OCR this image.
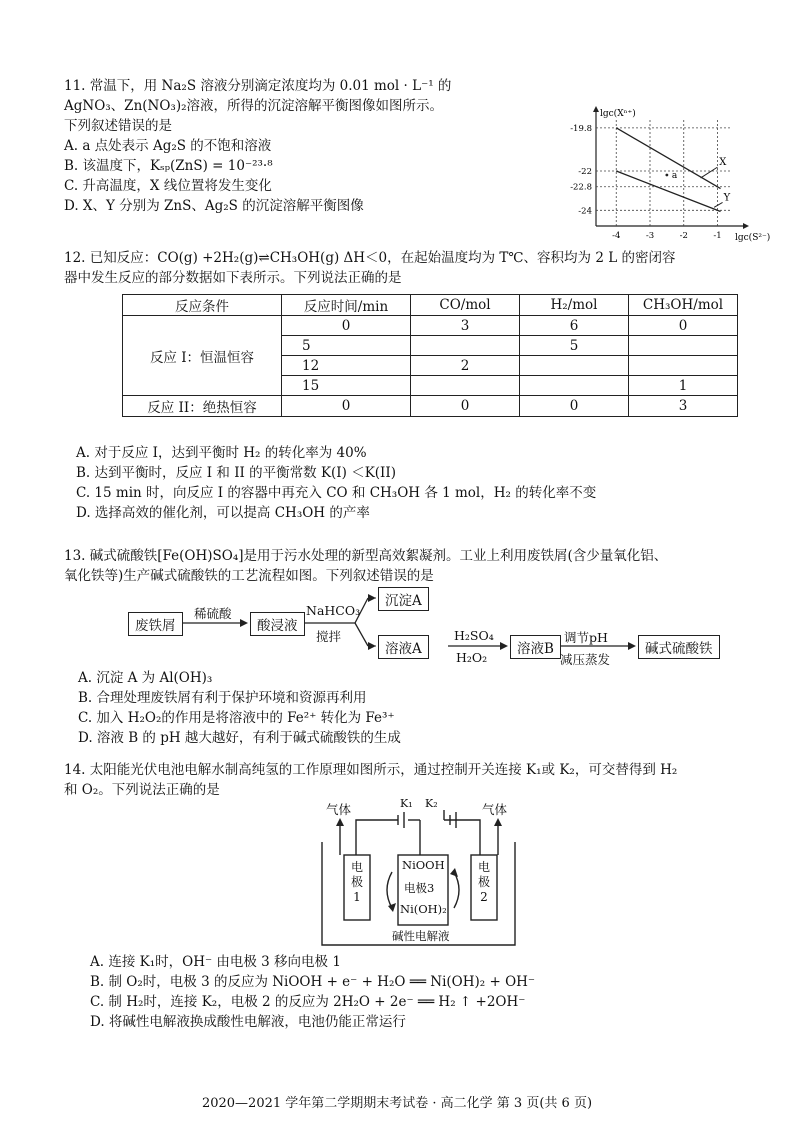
11. 常温下，用 Na₂S 溶液分别滴定浓度均为 0.01 mol · L⁻¹ 的
AgNO₃、Zn(NO₃)₂溶液，所得的沉淀溶解平衡图像如图所示。
下列叙述错误的是
A. a 点处表示 Ag₂S 的不饱和溶液
B. 该温度下，Kₛₚ(ZnS) = 10⁻²³·⁸
C. 升高温度，X 线位置将发生变化
D. X、Y 分别为 ZnS、Ag₂S 的沉淀溶解平衡图像
lgc(Xⁿ⁺)
lgc(S²⁻)
-19.8
-22
-22.8
-24
-4	-3	-2	-1
X
Y
a
12. 已知反应：CO(g) +2H₂(g)⇌CH₃OH(g) ΔH＜0，在起始温度均为 T℃、容积均为 2 L 的密闭容
器中发生反应的部分数据如下表所示。下列说法正确的是
反应条件	反应时间/min	CO/mol	H₂/mol	CH₃OH/mol
反应 I：恒温恒容	0	3	6	0
	5		5	
	12	2		
	15			1
反应 II：绝热恒容	0	0	0	3
A. 对于反应 I，达到平衡时 H₂ 的转化率为 40%
B. 达到平衡时，反应 I 和 II 的平衡常数 K(I) ＜K(II)
C. 15 min 时，向反应 I 的容器中再充入 CO 和 CH₃OH 各 1 mol，H₂ 的转化率不变
D. 选择高效的催化剂，可以提高 CH₃OH 的产率
13. 碱式硫酸铁[Fe(OH)SO₄]是用于污水处理的新型高效絮凝剂。工业上利用废铁屑(含少量氧化铝、
氧化铁等)生产碱式硫酸铁的工艺流程如图。下列叙述错误的是
废铁屑
稀硫酸
酸浸液
NaHCO₃
搅拌
沉淀A
溶液A
H₂SO₄
H₂O₂
溶液B
调节pH
减压蒸发
碱式硫酸铁
A. 沉淀 A 为 Al(OH)₃
B. 合理处理废铁屑有利于保护环境和资源再利用
C. 加入 H₂O₂的作用是将溶液中的 Fe²⁺ 转化为 Fe³⁺
D. 溶液 B 的 pH 越大越好，有利于碱式硫酸铁的生成
14. 太阳能光伏电池电解水制高纯氢的工作原理如图所示，通过控制开关连接 K₁或 K₂，可交替得到 H₂
和 O₂。下列说法正确的是
气体	气体
K₁ K₂
电极1
电极2
NiOOH
电极3
Ni(OH)₂
碱性电解液
A. 连接 K₁时，OH⁻ 由电极 3 移向电极 1
B. 制 O₂时，电极 3 的反应为 NiOOH + e⁻ + H₂O ══ Ni(OH)₂ + OH⁻
C. 制 H₂时，连接 K₂，电极 2 的反应为 2H₂O + 2e⁻ ══ H₂ ↑ +2OH⁻
D. 将碱性电解液换成酸性电解液，电池仍能正常运行
2020—2021 学年第二学期期末考试卷 · 高二化学 第 3 页(共 6 页)
